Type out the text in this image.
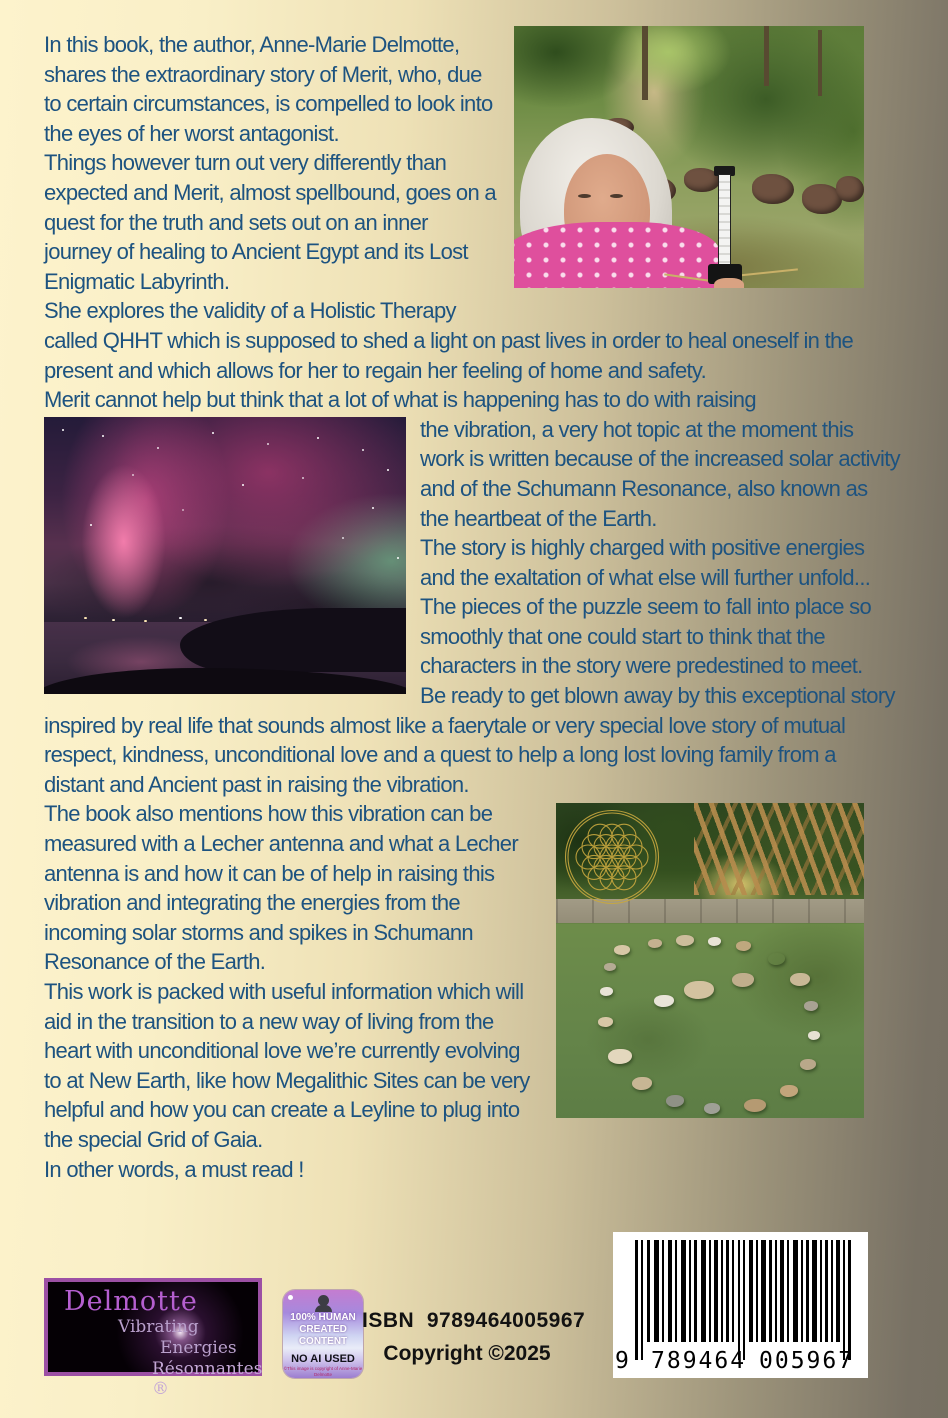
In this book, the author, Anne-Marie Delmotte, shares the extraordinary story of Merit, who, due to certain circumstances, is compelled to look into the eyes of her worst antagonist.

Things however turn out very differently than expected and Merit, almost spellbound, goes on a quest for the truth and sets out on an inner journey of healing to Ancient Egypt and its Lost Enigmatic Labyrinth.

She explores the validity of a Holistic Therapy called QHHT which is supposed to shed a light on past lives in order to heal oneself in the present and which allows for her to regain her feeling of home and safety.

Merit cannot help but think that a lot of what is happening has to do with raising

the vibration, a very hot topic at the moment this work is written because of the increased solar activity and of the Schumann Resonance, also known as the heartbeat of the Earth.

The story is highly charged with positive energies and the exaltation of what else will further unfold...

The pieces of the puzzle seem to fall into place so smoothly that one could start to think that the characters in the story were predestined to meet.

Be ready to get blown away by this exceptional story inspired by real life that sounds almost like a faerytale or very special love story of mutual respect, kindness, unconditional love and a quest to help a long lost loving family from a distant and Ancient past in raising the vibration.

The book also mentions how this vibration can be measured with a Lecher antenna and what a Lecher antenna is and how it can be of help in raising this vibration and integrating the energies from the incoming solar storms and spikes in Schumann Resonance of the Earth.

This work is packed with useful information which will aid in the transition to a new way of living from the heart with unconditional love we’re currently evolving to at New Earth, like how Megalithic Sites can be very helpful and how you can create a Leyline to plug into the special Grid of Gaia.

In other words, a must read !

Delmotte
Vibrating
Energies
Résonnantes ®
100% HUMAN
CREATED
CONTENT
NO AI USED
©This image is copyright of Anne-Marie Delmotte
ISBN  9789464005967
Copyright ©2025	9 789464 005967
